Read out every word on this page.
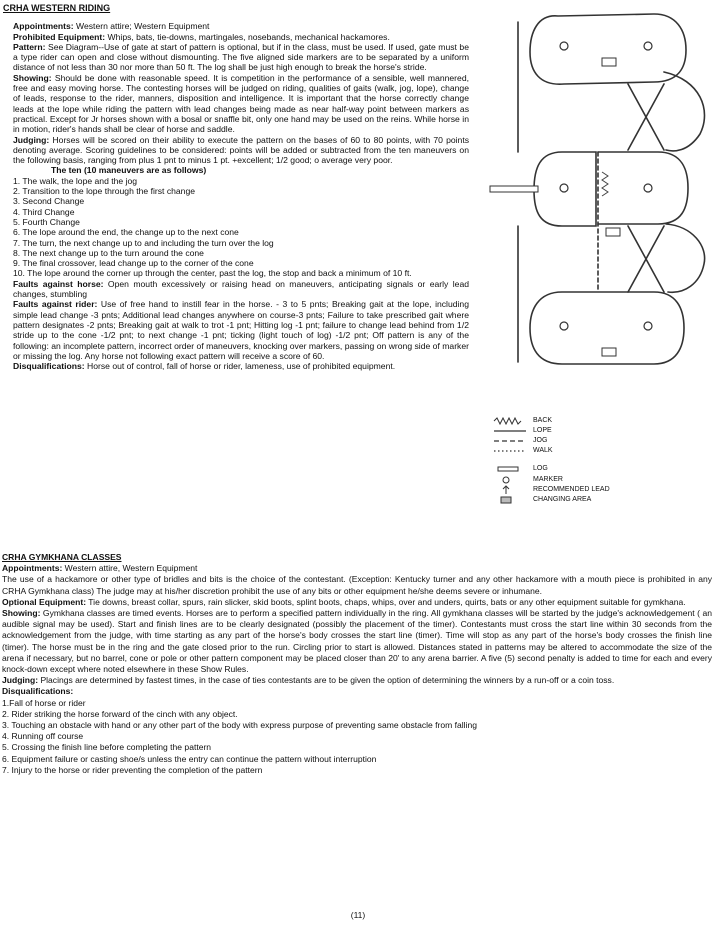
CRHA WESTERN RIDING

Appointments: Western attire; Western Equipment

Prohibited Equipment: Whips, bats, tie-downs, martingales, nosebands, mechanical hackamores.

Pattern: See Diagram--Use of gate at start of pattern is optional, but if in the class, must be used. If used, gate must be a type rider can open and close without dismounting. The five aligned side markers are to be separated by a uniform distance of not less than 30 nor more than 50 ft. The log shall be just high enough to break the horse's stride.

Showing: Should be done with reasonable speed. It is competition in the performance of a sensible, well mannered, free and easy moving horse. The contesting horses will be judged on riding, qualities of gaits (walk, jog, lope), change of leads, response to the rider, manners, disposition and intelligence. It is important that the horse correctly change leads at the lope while riding the pattern with lead changes being made as near half-way point between markers as practical. Except for Jr horses shown with a bosal or snaffle bit, only one hand may be used on the reins. While horse in in motion, rider's hands shall be clear of horse and saddle.

Judging: Horses will be scored on their ability to execute the pattern on the bases of 60 to 80 points, with 70 points denoting average. Scoring guidelines to be considered: points will be added or subtracted from the ten maneuvers on the following basis, ranging from plus 1 pnt to minus 1 pt. +excellent; 1/2 good; o average very poor.

The ten (10 maneuvers are as follows)
1. The walk, the lope and the jog
2. Transition to the lope through the first change
3. Second Change
4. Third Change
5. Fourth Change
6. The lope around the end, the change up to the next cone
7. The turn, the next change up to and including the turn over the log
8. The next change up to the turn around the cone
9. The final crossover, lead change up to the corner of the cone
10. The lope around the corner up through the center, past the log, the stop and back a minimum of 10 ft.

Faults against horse: Open mouth excessively or raising head on maneuvers, anticipating signals or early lead changes, stumbling

Faults against rider: Use of free hand to instill fear in the horse. - 3 to 5 pnts; Breaking gait at the lope, including simple lead change -3 pnts; Additional lead changes anywhere on course-3 pnts; Failure to take prescribed gait where pattern designates -2 pnts; Breaking gait at walk to trot -1 pnt; Hitting log -1 pnt; failure to change lead behind from 1/2 stride up to the cone -1/2 pnt; to next change -1 pnt; ticking (light touch of log) -1/2 pnt; Off pattern is any of the following: an incomplete pattern, incorrect order of maneuvers, knocking over markers, passing on wrong side of marker or missing the log. Any horse not following exact pattern will receive a score of 60.

Disqualifications: Horse out of control, fall of horse or rider, lameness, use of prohibited equipment.

BACK
LOPE
JOG
WALK
LOG
MARKER
RECOMMENDED LEAD
CHANGING AREA
CRHA GYMKHANA CLASSES
Appointments: Western attire, Western Equipment

The use of a hackamore or other type of bridles and bits is the choice of the contestant. (Exception: Kentucky turner and any other hackamore with a mouth piece is prohibited in any CRHA Gymkhana class) The judge may at his/her discretion prohibit the use of any bits or other equipment he/she deems severe or inhumane.

Optional Equipment: Tie downs, breast collar, spurs, rain slicker, skid boots, splint boots, chaps, whips, over and unders, quirts, bats or any other equipment suitable for gymkhana.

Showing: Gymkhana classes are timed events. Horses are to perform a specified pattern individually in the ring. All gymkhana classes will be started by the judge's acknowledgement ( an audible signal may be used). Start and finish lines are to be clearly designated (possibly the placement of the timer). Contestants must cross the start line within 30 seconds from the acknowledgement from the judge, with time starting as any part of the horse's body crosses the start line (timer). Time will stop as any part of the horse's body crosses the finish line (timer). The horse must be in the ring and the gate closed prior to the run. Circling prior to start is allowed. Distances stated in patterns may be altered to accommodate the size of the arena if necessary, but no barrel, cone or pole or other pattern component may be placed closer than 20' to any arena barrier. A five (5) second penalty is added to time for each and every knock-down except where noted elsewhere in these Show Rules.

Judging: Placings are determined by fastest times, in the case of ties contestants are to be given the option of determining the winners by a run-off or a coin toss.

Disqualifications:
1.Fall of horse or rider
2. Rider striking the horse forward of the cinch with any object.
3. Touching an obstacle with hand or any other part of the body with express purpose of preventing same obstacle from falling
4. Running off course
5. Crossing the finish line before completing the pattern
6. Equipment failure or casting shoe/s unless the entry can continue the pattern without interruption
7. Injury to the horse or rider preventing the completion of the pattern
(11)
